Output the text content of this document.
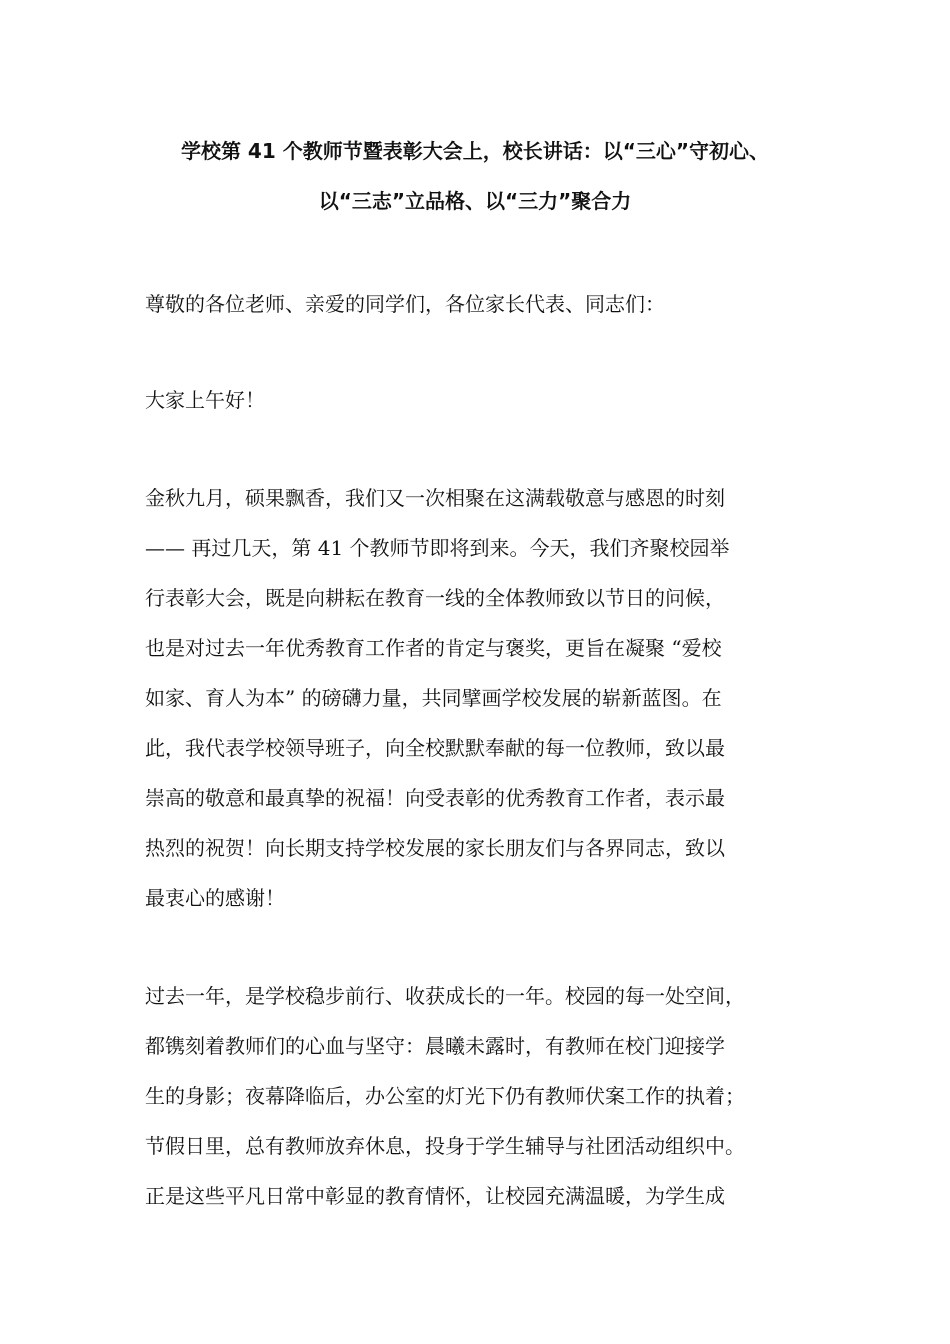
学校第 41 个教师节暨表彰大会上，校长讲话：以“三心”守初心、
以“三志”立品格、以“三力”聚合力
尊敬的各位老师、亲爱的同学们，各位家长代表、同志们：
大家上午好！
金秋九月，硕果飘香，我们又一次相聚在这满载敬意与感恩的时刻
—— 再过几天，第 41 个教师节即将到来。今天，我们齐聚校园举
行表彰大会，既是向耕耘在教育一线的全体教师致以节日的问候，
也是对过去一年优秀教育工作者的肯定与褒奖，更旨在凝聚 “爱校
如家、育人为本” 的磅礴力量，共同擘画学校发展的崭新蓝图。在
此，我代表学校领导班子，向全校默默奉献的每一位教师，致以最
崇高的敬意和最真挚的祝福！向受表彰的优秀教育工作者，表示最
热烈的祝贺！向长期支持学校发展的家长朋友们与各界同志，致以
最衷心的感谢！
过去一年，是学校稳步前行、收获成长的一年。校园的每一处空间，
都镌刻着教师们的心血与坚守：晨曦未露时，有教师在校门迎接学
生的身影；夜幕降临后，办公室的灯光下仍有教师伏案工作的执着；
节假日里，总有教师放弃休息，投身于学生辅导与社团活动组织中。
正是这些平凡日常中彰显的教育情怀，让校园充满温暖，为学生成
